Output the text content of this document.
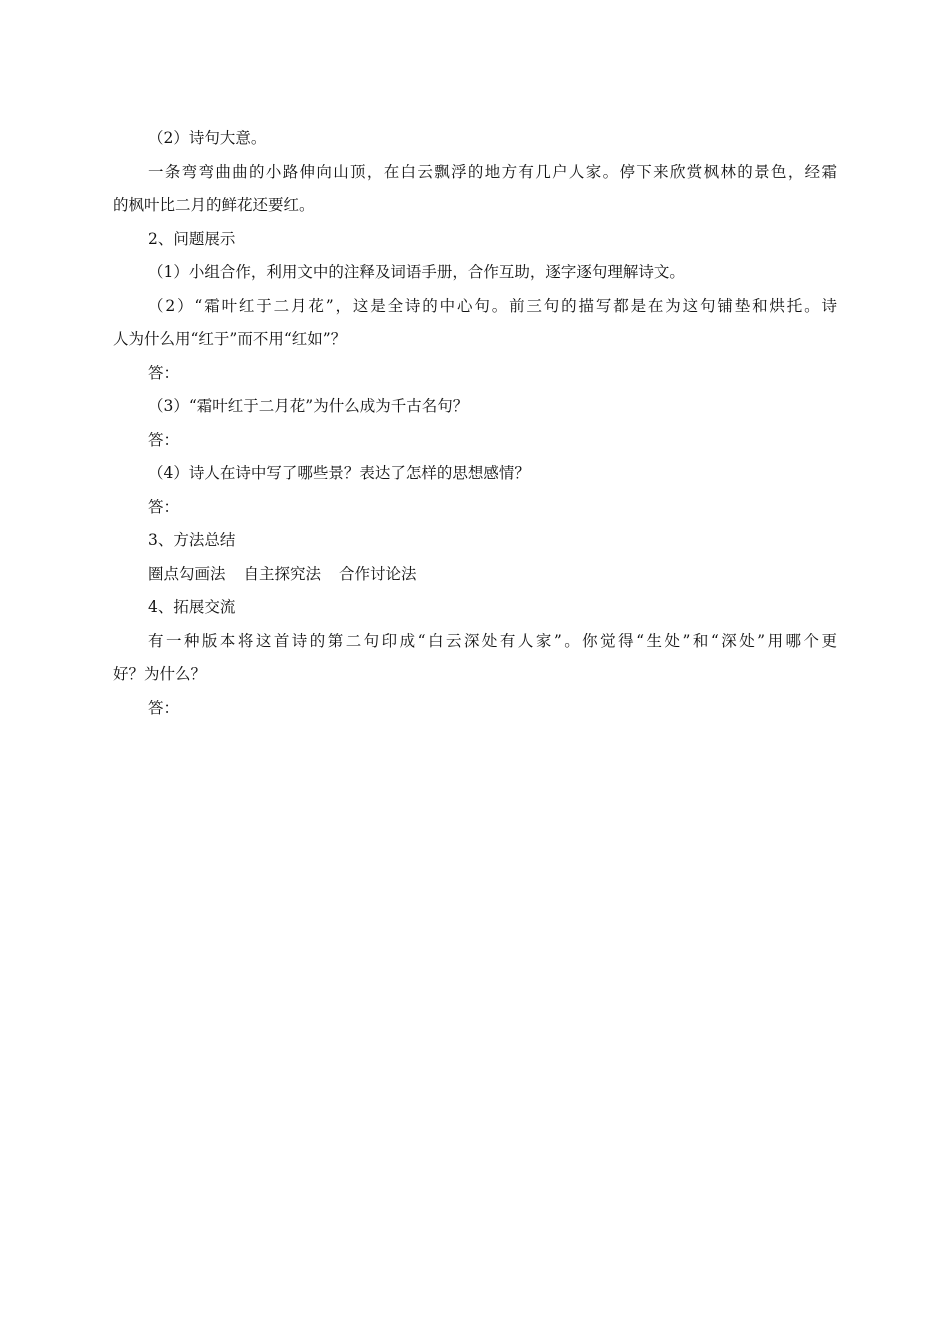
（2）诗句大意。

一条弯弯曲曲的小路伸向山顶，在白云飘浮的地方有几户人家。停下来欣赏枫林的景色，经霜

的枫叶比二月的鲜花还要红。

2、问题展示

（1）小组合作，利用文中的注释及词语手册，合作互助，逐字逐句理解诗文。

（2）“霜叶红于二月花”，这是全诗的中心句。前三句的描写都是在为这句铺垫和烘托。诗

人为什么用“红于”而不用“红如”？

答：

（3）“霜叶红于二月花”为什么成为千古名句？

答：

（4）诗人在诗中写了哪些景？表达了怎样的思想感情？

答：

3、方法总结

圈点勾画法 自主探究法 合作讨论法

4、拓展交流

有一种版本将这首诗的第二句印成“白云深处有人家”。你觉得“生处”和“深处”用哪个更

好？为什么？

答：
